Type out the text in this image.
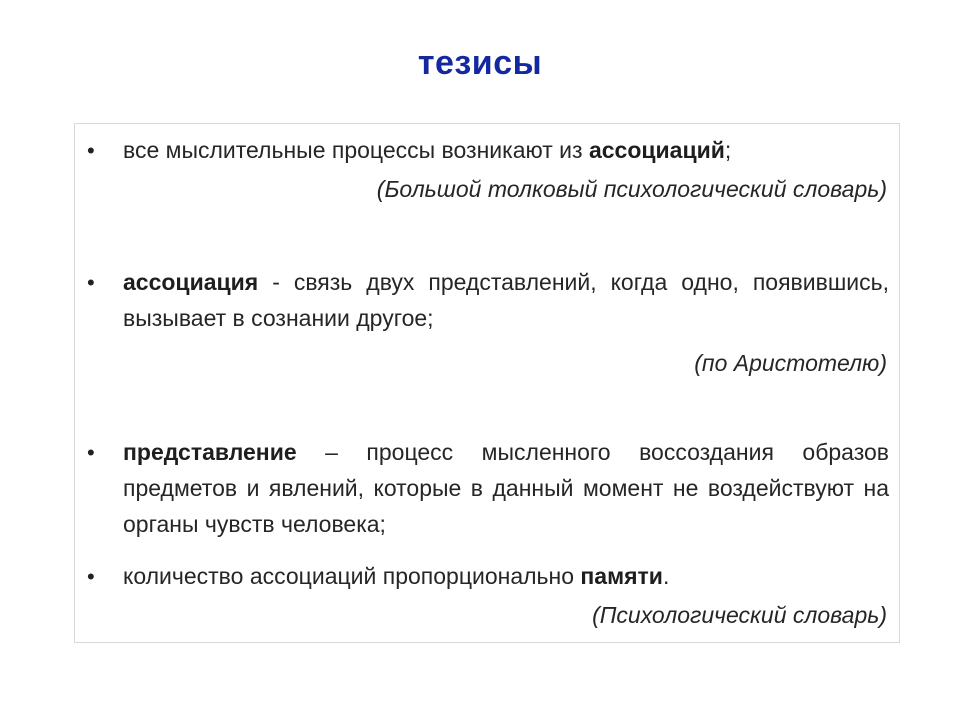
тезисы
• все мыслительные процессы возникают из ассоциаций;
(Большой толковый психологический словарь)
• ассоциация - связь двух представлений, когда одно, появившись, вызывает в сознании другое;
(по Аристотелю)
• представление – процесс мысленного воссоздания образов предметов и явлений, которые в данный момент не воздействуют на органы чувств человека;
• количество ассоциаций пропорционально памяти.
(Психологический словарь)
